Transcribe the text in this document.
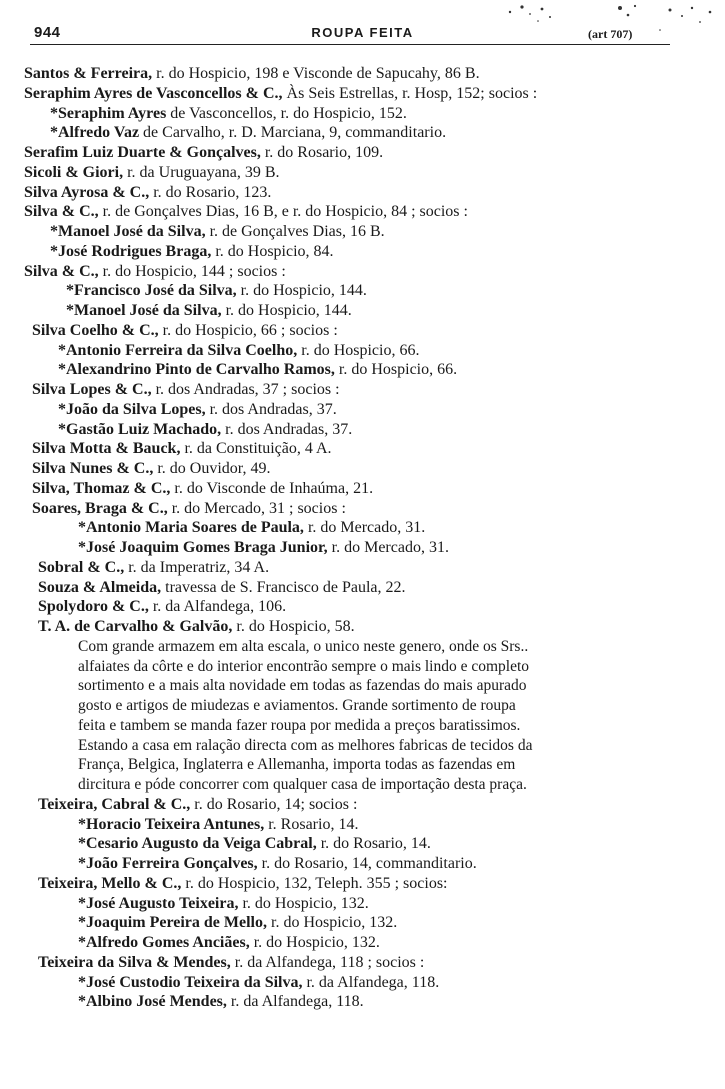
944	ROUPA FEITA	(art 707)
Santos & Ferreira, r. do Hospicio, 198 e Visconde de Sapucahy, 86 B.
Seraphim Ayres de Vasconcellos & C., Às Seis Estrellas, r. Hosp, 152; socios :
*Seraphim Ayres de Vasconcellos, r. do Hospicio, 152.
*Alfredo Vaz de Carvalho, r. D. Marciana, 9, commanditario.
Serafim Luiz Duarte & Gonçalves, r. do Rosario, 109.
Sicoli & Giori, r. da Uruguayana, 39 B.
Silva Ayrosa & C., r. do Rosario, 123.
Silva & C., r. de Gonçalves Dias, 16 B, e r. do Hospicio, 84 ; socios :
*Manoel José da Silva, r. de Gonçalves Dias, 16 B.
*José Rodrigues Braga, r. do Hospicio, 84.
Silva & C., r. do Hospicio, 144 ; socios :
*Francisco José da Silva, r. do Hospicio, 144.
*Manoel José da Silva, r. do Hospicio, 144.
Silva Coelho & C., r. do Hospicio, 66 ; socios :
*Antonio Ferreira da Silva Coelho, r. do Hospicio, 66.
*Alexandrino Pinto de Carvalho Ramos, r. do Hospicio, 66.
Silva Lopes & C., r. dos Andradas, 37 ; socios :
*João da Silva Lopes, r. dos Andradas, 37.
*Gastão Luiz Machado, r. dos Andradas, 37.
Silva Motta & Bauck, r. da Constituição, 4 A.
Silva Nunes & C., r. do Ouvidor, 49.
Silva, Thomaz & C., r. do Visconde de Inhaúma, 21.
Soares, Braga & C., r. do Mercado, 31 ; socios :
*Antonio Maria Soares de Paula, r. do Mercado, 31.
*José Joaquim Gomes Braga Junior, r. do Mercado, 31.
Sobral & C., r. da Imperatriz, 34 A.
Souza & Almeida, travessa de S. Francisco de Paula, 22.
Spolydoro & C., r. da Alfandega, 106.
T. A. de Carvalho & Galvão, r. do Hospicio, 58.
Com grande armazem em alta escala, o unico neste genero, onde os Srs..
alfaiates da côrte e do interior encontrão sempre o mais lindo e completo
sortimento e a mais alta novidade em todas as fazendas do mais apurado
gosto e artigos de miudezas e aviamentos. Grande sortimento de roupa
feita e tambem se manda fazer roupa por medida a preços baratissimos.
Estando a casa em ralação directa com as melhores fabricas de tecidos da
França, Belgica, Inglaterra e Allemanha, importa todas as fazendas em
dircitura e póde concorrer com qualquer casa de importação desta praça.
Teixeira, Cabral & C., r. do Rosario, 14; socios :
*Horacio Teixeira Antunes, r. Rosario, 14.
*Cesario Augusto da Veiga Cabral, r. do Rosario, 14.
*João Ferreira Gonçalves, r. do Rosario, 14, commanditario.
Teixeira, Mello & C., r. do Hospicio, 132, Teleph. 355 ; socios:
*José Augusto Teixeira, r. do Hospicio, 132.
*Joaquim Pereira de Mello, r. do Hospicio, 132.
*Alfredo Gomes Anciães, r. do Hospicio, 132.
Teixeira da Silva & Mendes, r. da Alfandega, 118 ; socios :
*José Custodio Teixeira da Silva, r. da Alfandega, 118.
*Albino José Mendes, r. da Alfandega, 118.
